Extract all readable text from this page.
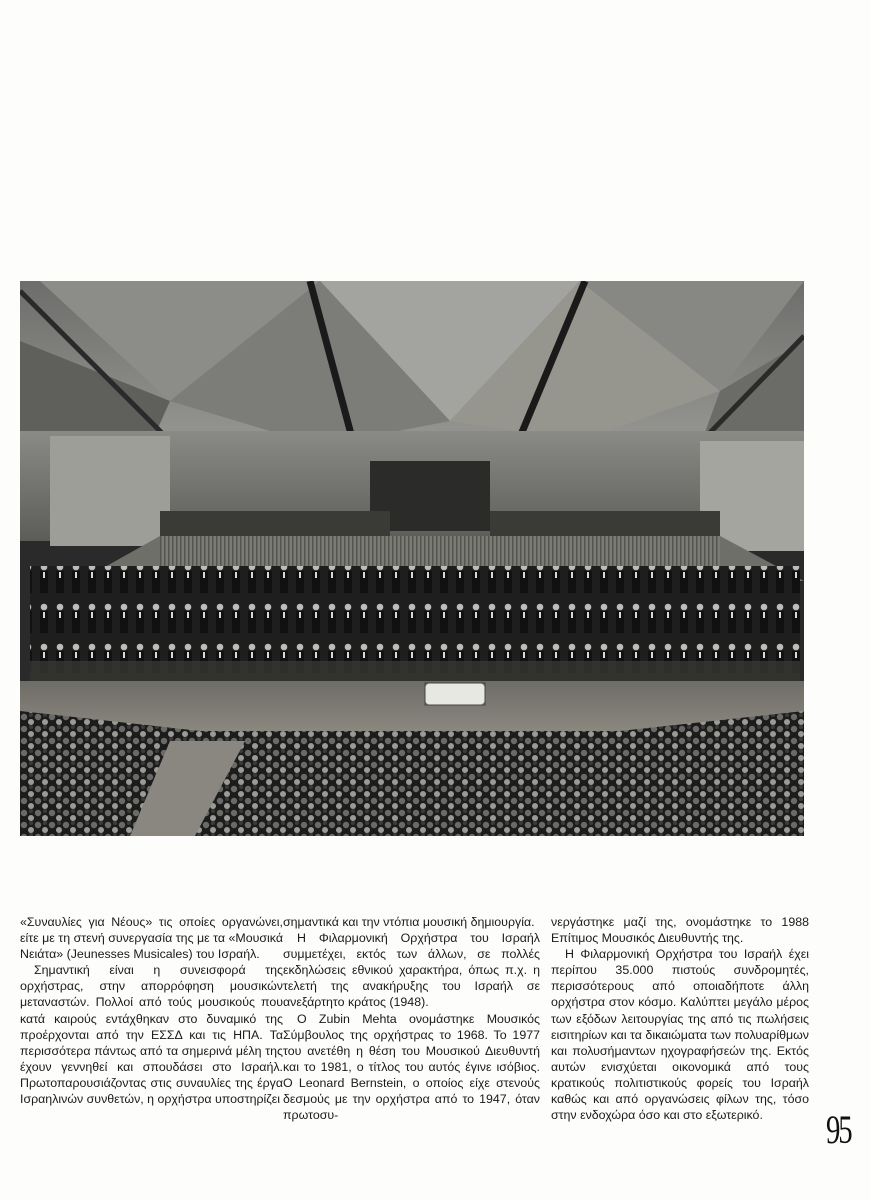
«Συναυλίες για Νέους» τις οποίες οργανώνει, είτε με τη στενή συνεργασία της με τα «Μουσικά Νειάτα» (Jeunesses Musicales) του Ισραήλ.

Σημαντική είναι η συνεισφορά της ορχήστρας, στην απορρόφηση μουσικών μεταναστών. Πολλοί από τούς μουσικούς που κατά καιρούς εντάχθηκαν στο δυναμικό της προέρχονται από την ΕΣΣΔ και τις ΗΠΑ. Τα περισσότερα πάντως από τα σημερινά μέλη της έχουν γεννηθεί και σπουδάσει στο Ισραήλ. Πρωτοπαρουσιάζοντας στις συναυλίες της έργα Ισραηλινών συνθετών, η ορχήστρα υποστηρίζει

σημαντικά και την ντόπια μουσική δημιουργία.

Η Φιλαρμονική Ορχήστρα του Ισραήλ συμμετέχει, εκτός των άλλων, σε πολλές εκδηλώσεις εθνικού χαρακτήρα, όπως π.χ. η τελετή της ανακήρυξης του Ισραήλ σε ανεξάρτητο κράτος (1948).

Ο Zubin Mehta ονομάστηκε Μουσικός Σύμβουλος της ορχήστρας το 1968. Το 1977 του ανετέθη η θέση του Μουσικού Διευθυντή και το 1981, ο τίτλος του αυτός έγινε ισόβιος. Ο Leonard Bernstein, ο οποίος είχε στενούς δεσμούς με την ορχήστρα από το 1947, όταν πρωτοσυ-

νεργάστηκε μαζί της, ονομάστηκε το 1988 Επίτιμος Μουσικός Διευθυντής της.

Η Φιλαρμονική Ορχήστρα του Ισραήλ έχει περίπου 35.000 πιστούς συνδρομητές, περισσότερους από οποιαδήποτε άλλη ορχήστρα στον κόσμο. Καλύπτει μεγάλο μέρος των εξόδων λειτουργίας της από τις πωλήσεις εισιτηρίων και τα δικαιώματα των πολυαρίθμων και πολυσήμαντων ηχογραφήσεών της. Εκτός αυτών ενισχύεται οικονομικά από τους κρατικούς πολιτιστικούς φορείς του Ισραήλ καθώς και από οργανώσεις φίλων της, τόσο στην ενδοχώρα όσο και στο εξωτερικό.	95
